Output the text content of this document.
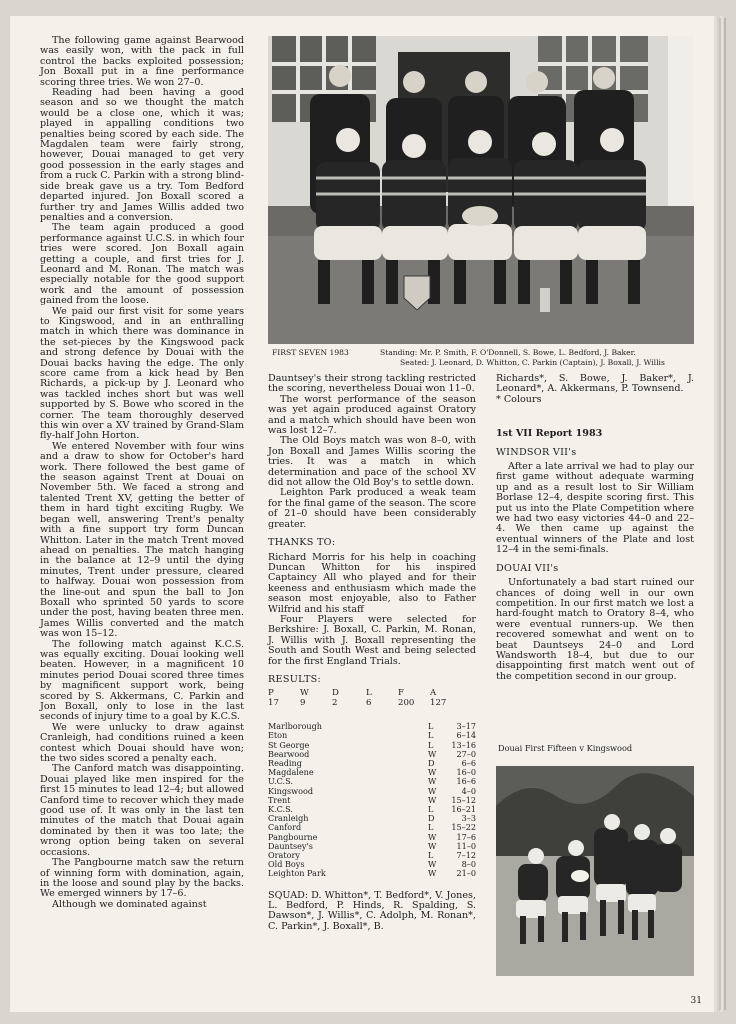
The following game against Bearwood was easily won, with the pack in full control the backs exploited possession; Jon Boxall put in a fine performance scoring three tries. We won 27–0.

Reading had been having a good season and so we thought the match would be a close one, which it was; played in appalling conditions two penalties being scored by each side. The Magdalen team were fairly strong, however, Douai managed to get very good possession in the early stages and from a ruck C. Parkin with a strong blind-side break gave us a try. Tom Bedford departed injured. Jon Boxall scored a further try and James Willis added two penalties and a conversion.

The team again produced a good performance against U.C.S. in which four tries were scored. Jon Boxall again getting a couple, and first tries for J. Leonard and M. Ronan. The match was especially notable for the good support work and the amount of possession gained from the loose.

We paid our first visit for some years to Kingswood, and in an enthralling match in which there was dominance in the set-pieces by the Kingswood pack and strong defence by Douai with the Douai backs having the edge. The only score came from a kick head by Ben Richards, a pick-up by J. Leonard who was tackled inches short but was well supported by S. Bowe who scored in the corner. The team thoroughly deserved this win over a XV trained by Grand-Slam fly-half John Horton.

We entered November with four wins and a draw to show for October's hard work. There followed the best game of the season against Trent at Douai on November 5th. We faced a strong and talented Trent XV, getting the better of them in hard tight exciting Rugby. We began well, answering Trent's penalty with a fine support try form Duncan Whitton. Later in the match Trent moved ahead on penalties. The match hanging in the balance at 12–9 until the dying minutes, Trent under pressure, cleared to halfway. Douai won possession from the line-out and spun the ball to Jon Boxall who sprinted 50 yards to score under the post, having beaten three men. James Willis converted and the match was won 15–12.

The following match against K.C.S. was equally exciting. Douai looking well beaten. However, in a magnificent 10 minutes period Douai scored three times by magnificent support work, being scored by S. Akkermans, C. Parkin and Jon Boxall, only to lose in the last seconds of injury time to a goal by K.C.S.

We were unlucky to draw against Cranleigh, had conditions ruined a keen contest which Douai should have won; the two sides scored a penalty each.

The Canford match was disappointing. Douai played like men inspired for the first 15 minutes to lead 12–4; but allowed Canford time to recover which they made good use of. It was only in the last ten minutes of the match that Douai again dominated by then it was too late; the wrong option being taken on several occasions.

The Pangbourne match saw the return of winning form with domination, again, in the loose and sound play by the backs. We emerged winners by 17–6.

Although we dominated against

FIRST SEVEN 1983	Standing: Mr. P. Smith, F. O'Donnell, S. Bowe, L. Bedford, J. Baker.
Seated: J. Leonard, D. Whitton, C. Parkin (Captain), J. Boxall, J. Willis

Dauntsey's their strong tackling restricted the scoring, nevertheless Douai won 11–0.

The worst performance of the season was yet again produced against Oratory and a match which should have been won was lost 12–7.

The Old Boys match was won 8–0, with Jon Boxall and James Willis scoring the tries. It was a match in which determination and pace of the school XV did not allow the Old Boy's to settle down.

Leighton Park produced a weak team for the final game of the season. The score of 21–0 should have been considerably greater.

THANKS TO:

Richard Morris for his help in coaching Duncan Whitton for his inspired Captaincy All who played and for their keeness and enthusiasm which made the season most enjoyable, also to Father Wilfrid and his staff

Four Players were selected for Berkshire: J. Boxall, C. Parkin, M. Ronan, J. Willis with J. Boxall representing the South and South West and being selected for the first England Trials.

RESULTS:
P	W	D	L	F	A
17	9	2	6	200	127
Marlborough	L	3–17
Eton	L	6–14
St George	L	13–16
Bearwood	W	27–0
Reading	D	6–6
Magdalene	W	16–0
U.C.S.	W	16–6
Kingswood	W	4–0
Trent	W	15–12
K.C.S.	L	16–21
Cranleigh	D	3–3
Canford	L	15–22
Pangbourne	W	17–6
Dauntsey's	W	11–0
Oratory	L	7–12
Old Boys	W	8–0
Leighton Park	W	21–0

SQUAD: D. Whitton*, T. Bedford*, V. Jones, L. Bedford, P. Hinds, R. Spalding, S. Dawson*, J. Willis*, C. Adolph, M. Ronan*, C. Parkin*, J. Boxall*, B.

Richards*, S. Bowe, J. Baker*, J. Leonard*, A. Akkermans, P. Townsend.

* Colours

1st VII Report 1983
WINDSOR VII's

After a late arrival we had to play our first game without adequate warming up and as a result lost to Sir William Borlase 12–4, despite scoring first. This put us into the Plate Competition where we had two easy victories 44–0 and 22–4. We then came up against the eventual winners of the Plate and lost 12–4 in the semi-finals.

DOUAI VII's

Unfortunately a bad start ruined our chances of doing well in our own competition. In our first match we lost a hard-fought match to Oratory 8–4, who were eventual runners-up. We then recovered somewhat and went on to beat Dauntseys 24–0 and Lord Wandsworth 18–4, but due to our disappointing first match went out of the competition second in our group.

Douai First Fifteen v Kingswood
31
